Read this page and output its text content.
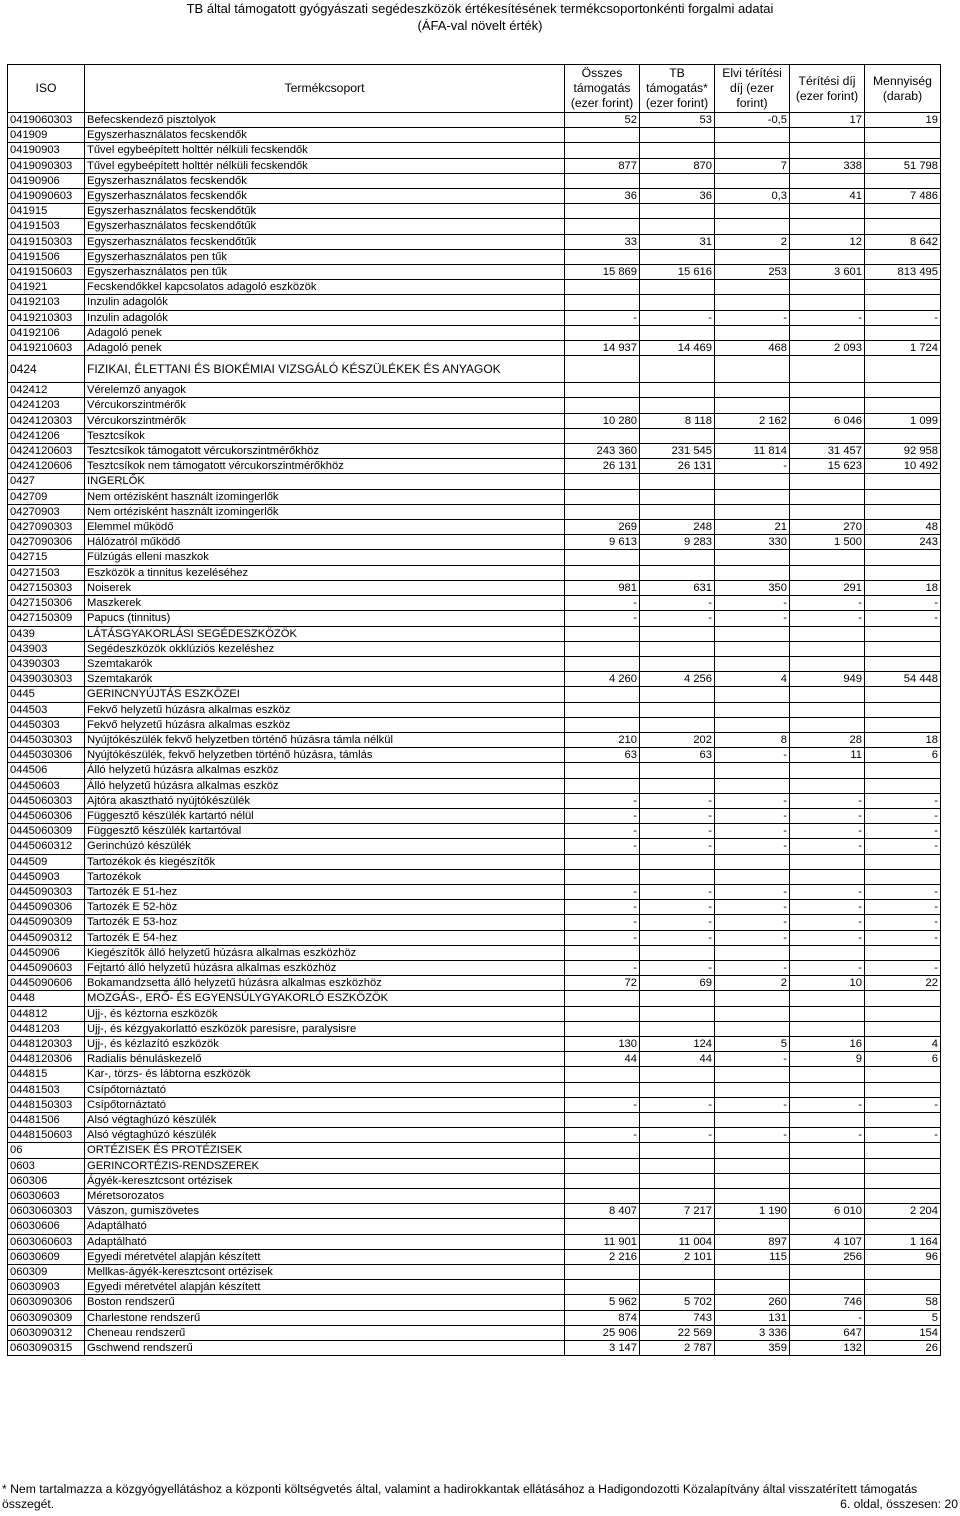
TB által támogatott gyógyászati segédeszközök értékesítésének termékcsoportonkénti forgalmi adatai
(ÁFA-val növelt érték)
ISO	Termékcsoport	Összes támogatás (ezer forint)	TB támogatás* (ezer forint)	Elvi térítési díj (ezer forint)	Térítési díj (ezer forint)	Mennyiség (darab)
0419060303	Befecskendező pisztolyok	52	53	-0,5	17	19
041909	Egyszerhasználatos fecskendők					
04190903	Tűvel egybeépített holttér nélküli fecskendők					
0419090303	Tűvel egybeépített holttér nélküli fecskendők	877	870	7	338	51 798
04190906	Egyszerhasználatos fecskendők					
0419090603	Egyszerhasználatos fecskendők	36	36	0,3	41	7 486
041915	Egyszerhasználatos fecskendőtűk					
04191503	Egyszerhasználatos fecskendőtűk					
0419150303	Egyszerhasználatos fecskendőtűk	33	31	2	12	8 642
04191506	Egyszerhasználatos pen tűk					
0419150603	Egyszerhasználatos pen tűk	15 869	15 616	253	3 601	813 495
041921	Fecskendőkkel kapcsolatos adagoló eszközök					
04192103	Inzulin adagolók					
0419210303	Inzulin adagolók	-	-	-	-	-
04192106	Adagoló penek					
0419210603	Adagoló penek	14 937	14 469	468	2 093	1 724
0424	FIZIKAI, ÉLETTANI ÉS BIOKÉMIAI VIZSGÁLÓ KÉSZÜLÉKEK ÉS ANYAGOK					
042412	Vérelemző anyagok					
04241203	Vércukorszintmérők					
0424120303	Vércukorszintmérők	10 280	8 118	2 162	6 046	1 099
04241206	Tesztcsíkok					
0424120603	Tesztcsíkok támogatott vércukorszintmérőkhöz	243 360	231 545	11 814	31 457	92 958
0424120606	Tesztcsíkok nem támogatott vércukorszintmérőkhöz	26 131	26 131	-	15 623	10 492
0427	INGERLŐK					
042709	Nem ortézisként használt izomingerlők					
04270903	Nem ortézisként használt izomingerlők					
0427090303	Elemmel működő	269	248	21	270	48
0427090306	Hálózatról működő	9 613	9 283	330	1 500	243
042715	Fülzúgás elleni maszkok					
04271503	Eszközök a tinnitus kezeléséhez					
0427150303	Noiserek	981	631	350	291	18
0427150306	Maszkerek	-	-	-	-	-
0427150309	Papucs (tinnitus)	-	-	-	-	-
0439	LÁTÁSGYAKORLÁSI SEGÉDESZKÖZÖK					
043903	Segédeszközök okklúziós kezeléshez					
04390303	Szemtakarók					
0439030303	Szemtakarók	4 260	4 256	4	949	54 448
0445	GERINCNYÚJTÁS ESZKÖZEI					
044503	Fekvő helyzetű húzásra alkalmas eszköz					
04450303	Fekvő helyzetű húzásra alkalmas eszköz					
0445030303	Nyújtókészülék fekvő helyzetben történő húzásra támla nélkül	210	202	8	28	18
0445030306	Nyújtókészülék, fekvő helyzetben történő húzásra, támlás	63	63	-	11	6
044506	Álló helyzetű húzásra alkalmas eszköz					
04450603	Álló helyzetű húzásra alkalmas eszköz					
0445060303	Ajtóra akasztható nyújtókészülék	-	-	-	-	-
0445060306	Függesztő készülék kartartó nélül	-	-	-	-	-
0445060309	Függesztő készülék kartartóval	-	-	-	-	-
0445060312	Gerinchúzó készülék	-	-	-	-	-
044509	Tartozékok és kiegészítők					
04450903	Tartozékok					
0445090303	Tartozék E 51-hez	-	-	-	-	-
0445090306	Tartozék E 52-höz	-	-	-	-	-
0445090309	Tartozék E 53-hoz	-	-	-	-	-
0445090312	Tartozék E 54-hez	-	-	-	-	-
04450906	Kiegészítők álló helyzetű húzásra alkalmas eszközhöz					
0445090603	Fejtartó álló helyzetű húzásra alkalmas eszközhöz	-	-	-	-	-
0445090606	Bokamandzsetta álló helyzetű húzásra alkalmas eszközhöz	72	69	2	10	22
0448	MOZGÁS-, ERŐ- ÉS EGYENSÚLYGYAKORLÓ ESZKÖZÖK					
044812	Ujj-, és kéztorna eszközök					
04481203	Ujj-, és kézgyakorlattó eszközök paresisre, paralysisre					
0448120303	Ujj-, és kézlazító eszközök	130	124	5	16	4
0448120306	Radialis bénuláskezelő	44	44	-	9	6
044815	Kar-, törzs- és lábtorna eszközök					
04481503	Csípőtornáztató					
0448150303	Csípőtornáztató	-	-	-	-	-
04481506	Alsó végtaghúzó készülék					
0448150603	Alsó végtaghúzó készülék	-	-	-	-	-
06	ORTÉZISEK ÉS PROTÉZISEK					
0603	GERINCORTÉZIS-RENDSZEREK					
060306	Ágyék-keresztcsont ortézisek					
06030603	Méretsorozatos					
0603060303	Vászon, gumiszövetes	8 407	7 217	1 190	6 010	2 204
06030606	Adaptálható					
0603060603	Adaptálható	11 901	11 004	897	4 107	1 164
06030609	Egyedi méretvétel alapján készített	2 216	2 101	115	256	96
060309	Mellkas-ágyék-keresztcsont ortézisek					
06030903	Egyedi méretvétel alapján készített					
0603090306	Boston rendszerű	5 962	5 702	260	746	58
0603090309	Charlestone rendszerű	874	743	131	-	5
0603090312	Cheneau rendszerű	25 906	22 569	3 336	647	154
0603090315	Gschwend rendszerű	3 147	2 787	359	132	26
* Nem tartalmazza a közgyógyellátáshoz a központi költségvetés által, valamint a hadirokkantak ellátásához a Hadigondozotti Közalapítvány által visszatérített támogatás
összegét.	6. oldal, összesen: 20
